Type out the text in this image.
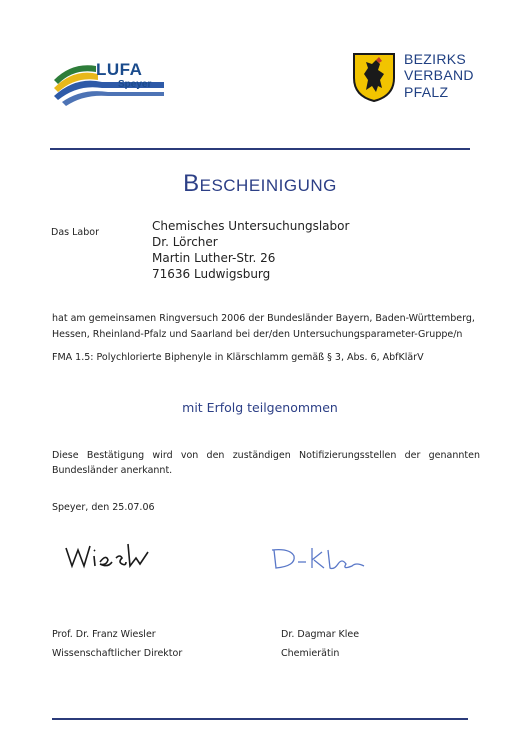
LUFA
Speyer
BEZIRKS
VERBAND
PFALZ
Bescheinigung
Das Labor	Chemisches Untersuchungslabor
Dr. Lörcher
Martin Luther-Str. 26
71636 Ludwigsburg
hat am gemeinsamen Ringversuch 2006 der Bundesländer Bayern, Baden-Württemberg, Hessen, Rheinland-Pfalz und Saarland bei der/den Untersuchungsparameter-Gruppe/n
FMA 1.5: Polychlorierte Biphenyle in Klärschlamm gemäß § 3, Abs. 6, AbfKlärV
mit Erfolg teilgenommen
Diese Bestätigung wird von den zuständigen Notifizierungsstellen der genannten Bundesländer anerkannt.
Speyer, den 25.07.06
Prof. Dr. Franz Wiesler
Wissenschaftlicher Direktor
Dr. Dagmar Klee
Chemierätin
